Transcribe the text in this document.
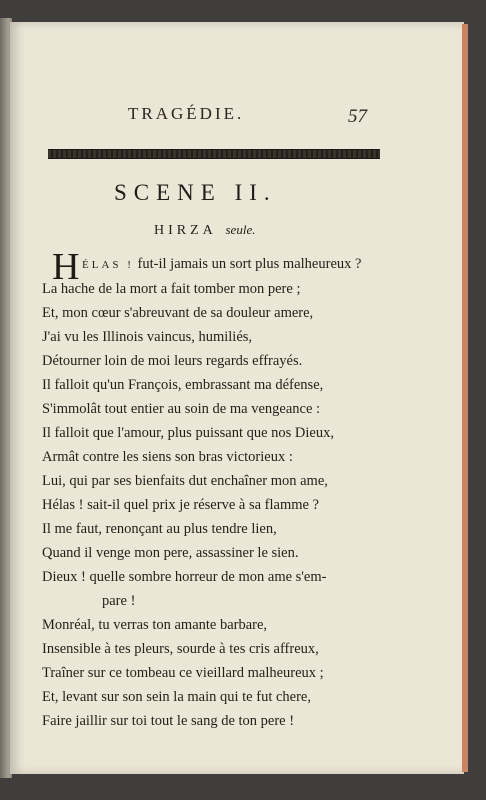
TRAGÉDIE.	57
SCENE II.
HIRZA seule.
H ÉLAS ! fut-il jamais un sort plus malheureux ?
La hache de la mort a fait tomber mon pere ;
Et, mon cœur s'abreuvant de sa douleur amere,
J'ai vu les Illinois vaincus, humiliés,
Détourner loin de moi leurs regards effrayés.
Il falloit qu'un François, embrassant ma défense,
S'immolât tout entier au soin de ma vengeance :
Il falloit que l'amour, plus puissant que nos Dieux,
Armât contre les siens son bras victorieux :
Lui, qui par ses bienfaits dut enchaîner mon ame,
Hélas ! sait-il quel prix je réserve à sa flamme ?
Il me faut, renonçant au plus tendre lien,
Quand il venge mon pere, assassiner le sien.
Dieux ! quelle sombre horreur de mon ame s'em-
pare !
Monréal, tu verras ton amante barbare,
Insensible à tes pleurs, sourde à tes cris affreux,
Traîner sur ce tombeau ce vieillard malheureux ;
Et, levant sur son sein la main qui te fut chere,
Faire jaillir sur toi tout le sang de ton pere !
